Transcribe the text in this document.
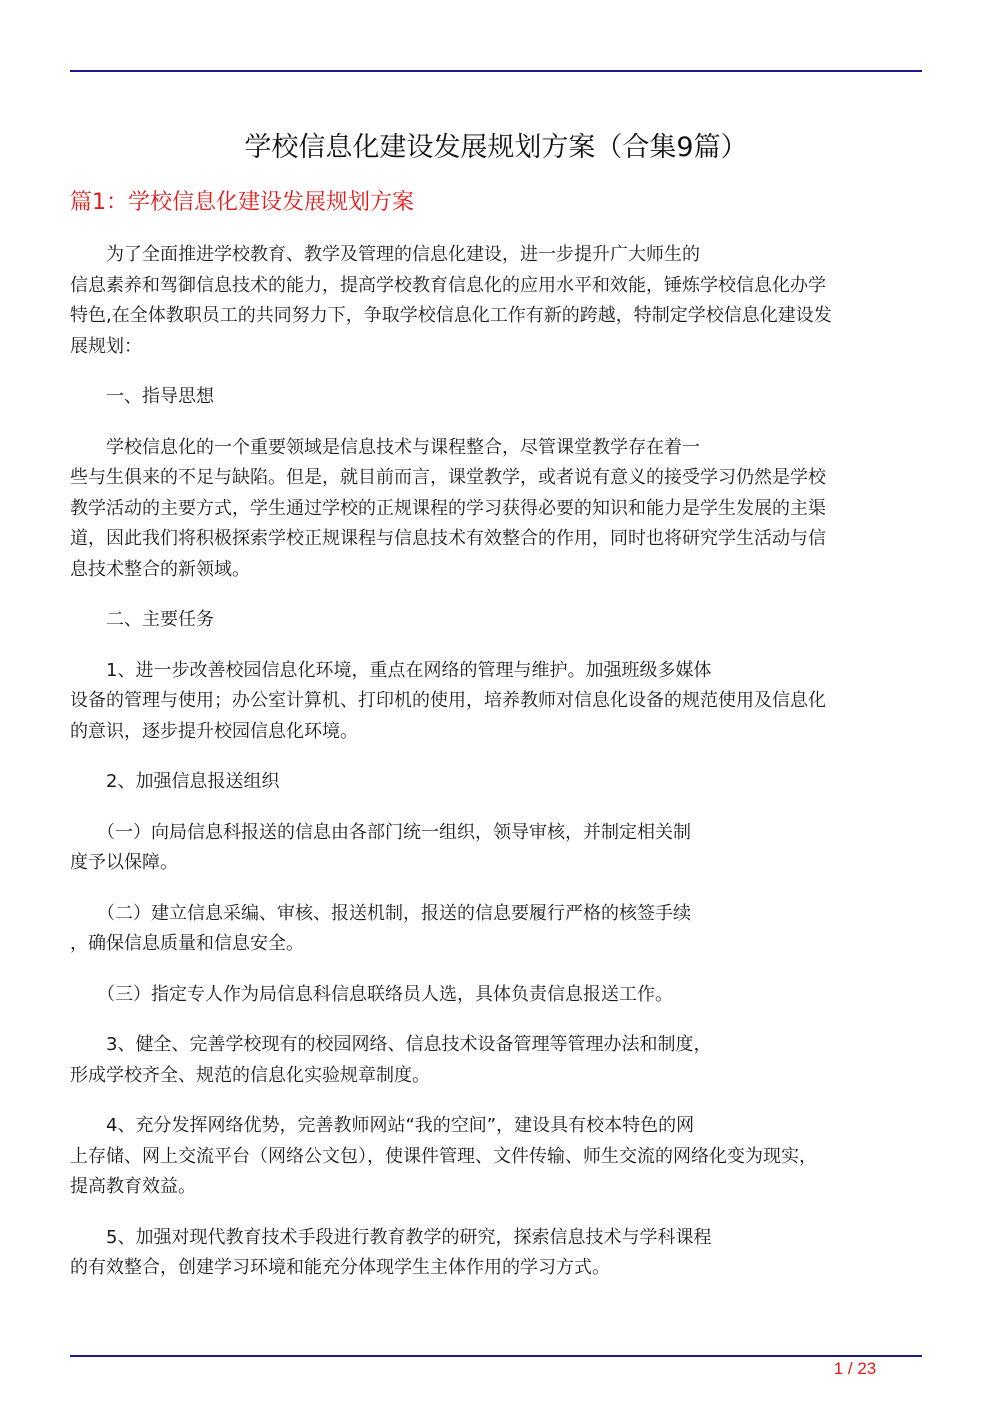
学校信息化建设发展规划方案（合集9篇）
篇1：学校信息化建设发展规划方案

　　为了全面推进学校教育、教学及管理的信息化建设，进一步提升广大师生的
信息素养和驾御信息技术的能力，提高学校教育信息化的应用水平和效能，锤炼学校信息化办学
特色,在全体教职员工的共同努力下，争取学校信息化工作有新的跨越，特制定学校信息化建设发
展规划：

　　一、指导思想

　　学校信息化的一个重要领域是信息技术与课程整合，尽管课堂教学存在着一
些与生俱来的不足与缺陷。但是，就目前而言，课堂教学，或者说有意义的接受学习仍然是学校
教学活动的主要方式，学生通过学校的正规课程的学习获得必要的知识和能力是学生发展的主渠
道，因此我们将积极探索学校正规课程与信息技术有效整合的作用，同时也将研究学生活动与信
息技术整合的新领域。

　　二、主要任务

　　1、进一步改善校园信息化环境，重点在网络的管理与维护。加强班级多媒体
设备的管理与使用；办公室计算机、打印机的使用，培养教师对信息化设备的规范使用及信息化
的意识，逐步提升校园信息化环境。

　　2、加强信息报送组织

　　（一）向局信息科报送的信息由各部门统一组织，领导审核，并制定相关制
度予以保障。

　　（二）建立信息采编、审核、报送机制，报送的信息要履行严格的核签手续
，确保信息质量和信息安全。

　　（三）指定专人作为局信息科信息联络员人选，具体负责信息报送工作。

　　3、健全、完善学校现有的校园网络、信息技术设备管理等管理办法和制度，
形成学校齐全、规范的信息化实验规章制度。

　　4、充分发挥网络优势，完善教师网站“我的空间”，建设具有校本特色的网
上存储、网上交流平台（网络公文包），使课件管理、文件传输、师生交流的网络化变为现实，
提高教育效益。

　　5、加强对现代教育技术手段进行教育教学的研究，探索信息技术与学科课程
的有效整合，创建学习环境和能充分体现学生主体作用的学习方式。

1 / 23
